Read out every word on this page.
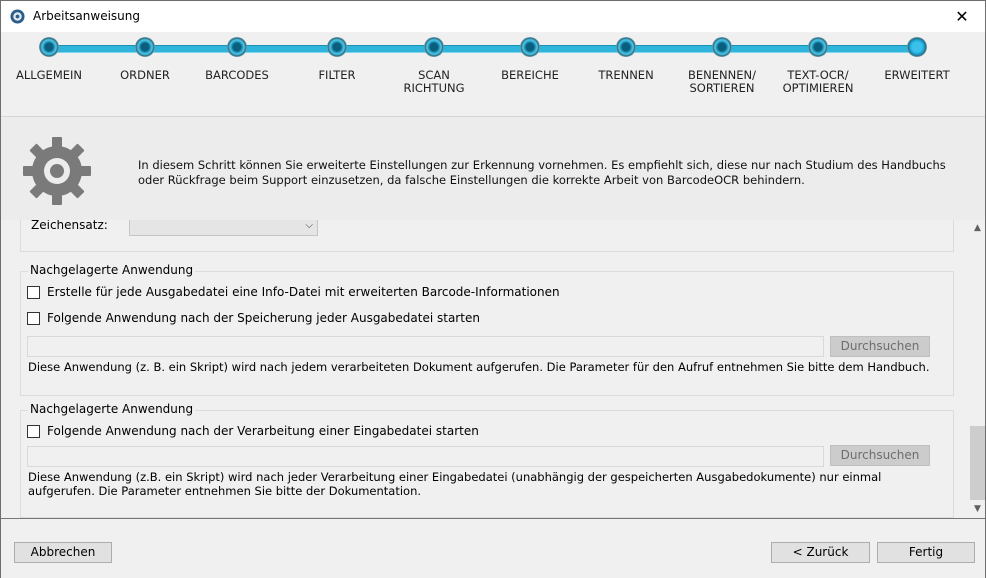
Arbeitsanweisung	✕
ALLGEMEIN	ORDNER	BARCODES	FILTER	SCAN
RICHTUNG
BEREICHE	TRENNEN	BENENNEN/
SORTIEREN
TEXT-OCR/
OPTIMIEREN
ERWEITERT
In diesem Schritt können Sie erweiterte Einstellungen zur Erkennung vornehmen. Es empfiehlt sich, diese nur nach Studium des Handbuchs oder Rückfrage beim Support einzusetzen, da falsche Einstellungen die korrekte Arbeit von BarcodeOCR behindern.
Zeichensatz:	⌵
Nachgelagerte Anwendung
Erstelle für jede Ausgabedatei eine Info-Datei mit erweiterten Barcode-Informationen
Folgende Anwendung nach der Speicherung jeder Ausgabedatei starten
Durchsuchen
Diese Anwendung (z. B. ein Skript) wird nach jedem verarbeiteten Dokument aufgerufen. Die Parameter für den Aufruf entnehmen Sie bitte dem Handbuch.
Nachgelagerte Anwendung
Folgende Anwendung nach der Verarbeitung einer Eingabedatei starten
Durchsuchen
Diese Anwendung (z.B. ein Skript) wird nach jeder Verarbeitung einer Eingabedatei (unabhängig der gespeicherten Ausgabedokumente) nur einmal aufgerufen. Die Parameter entnehmen Sie bitte der Dokumentation.
▲
▼
Abbrechen	< Zurück	Fertig
